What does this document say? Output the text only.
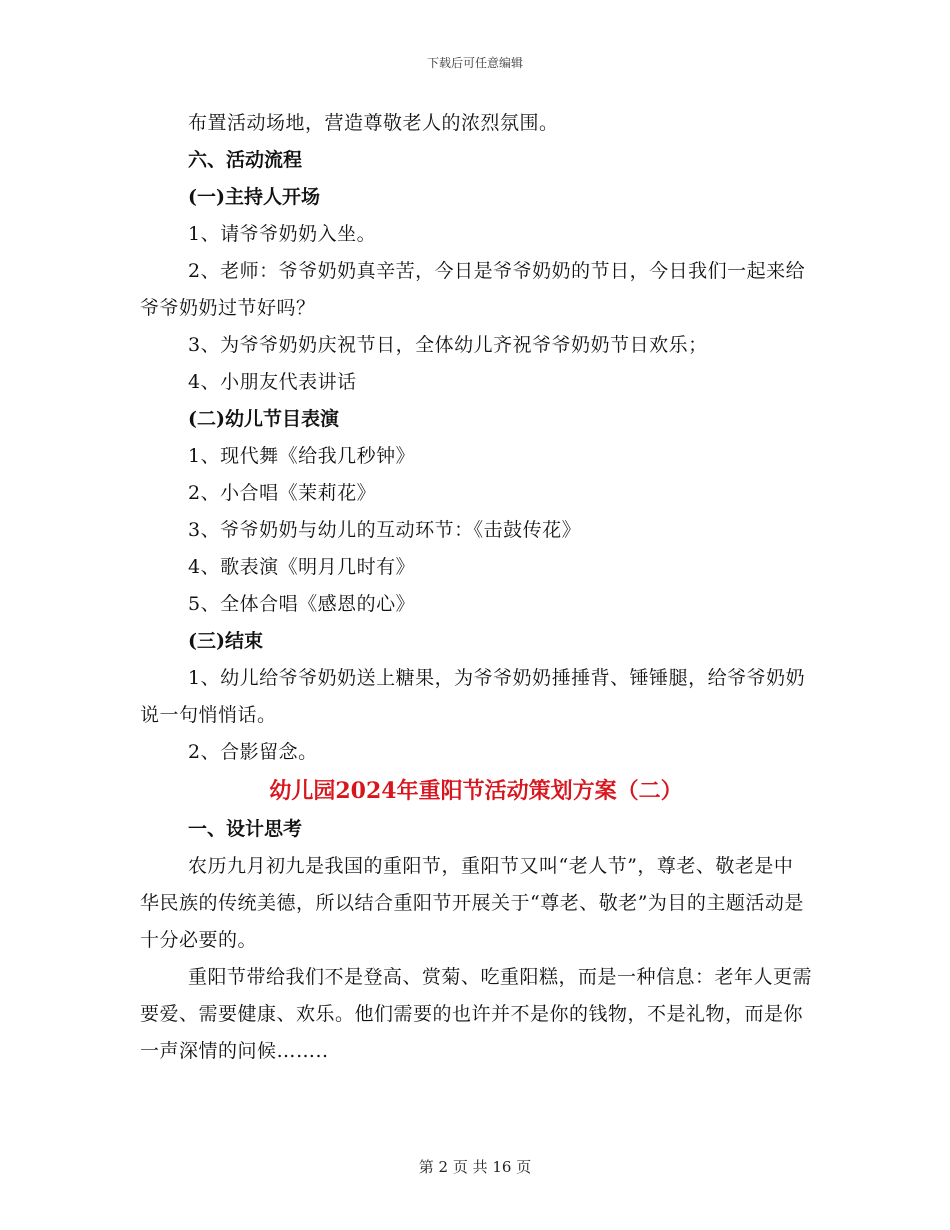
下载后可任意编辑

布置活动场地，营造尊敬老人的浓烈氛围。

六、活动流程

(一)主持人开场

1、请爷爷奶奶入坐。

2、老师：爷爷奶奶真辛苦，今日是爷爷奶奶的节日，今日我们一起来给爷爷奶奶过节好吗？

3、为爷爷奶奶庆祝节日，全体幼儿齐祝爷爷奶奶节日欢乐；

4、小朋友代表讲话

(二)幼儿节目表演

1、现代舞《给我几秒钟》

2、小合唱《茉莉花》

3、爷爷奶奶与幼儿的互动环节：《击鼓传花》

4、歌表演《明月几时有》

5、全体合唱《感恩的心》

(三)结束

1、幼儿给爷爷奶奶送上糖果，为爷爷奶奶捶捶背、锤锤腿，给爷爷奶奶说一句悄悄话。

2、合影留念。

幼儿园2024年重阳节活动策划方案（二）

一、设计思考

农历九月初九是我国的重阳节，重阳节又叫“老人节”，尊老、敬老是中华民族的传统美德，所以结合重阳节开展关于“尊老、敬老”为目的主题活动是十分必要的。

重阳节带给我们不是登高、赏菊、吃重阳糕，而是一种信息：老年人更需要爱、需要健康、欢乐。他们需要的也许并不是你的钱物，不是礼物，而是你一声深情的问候……..

第 2 页 共 16 页
